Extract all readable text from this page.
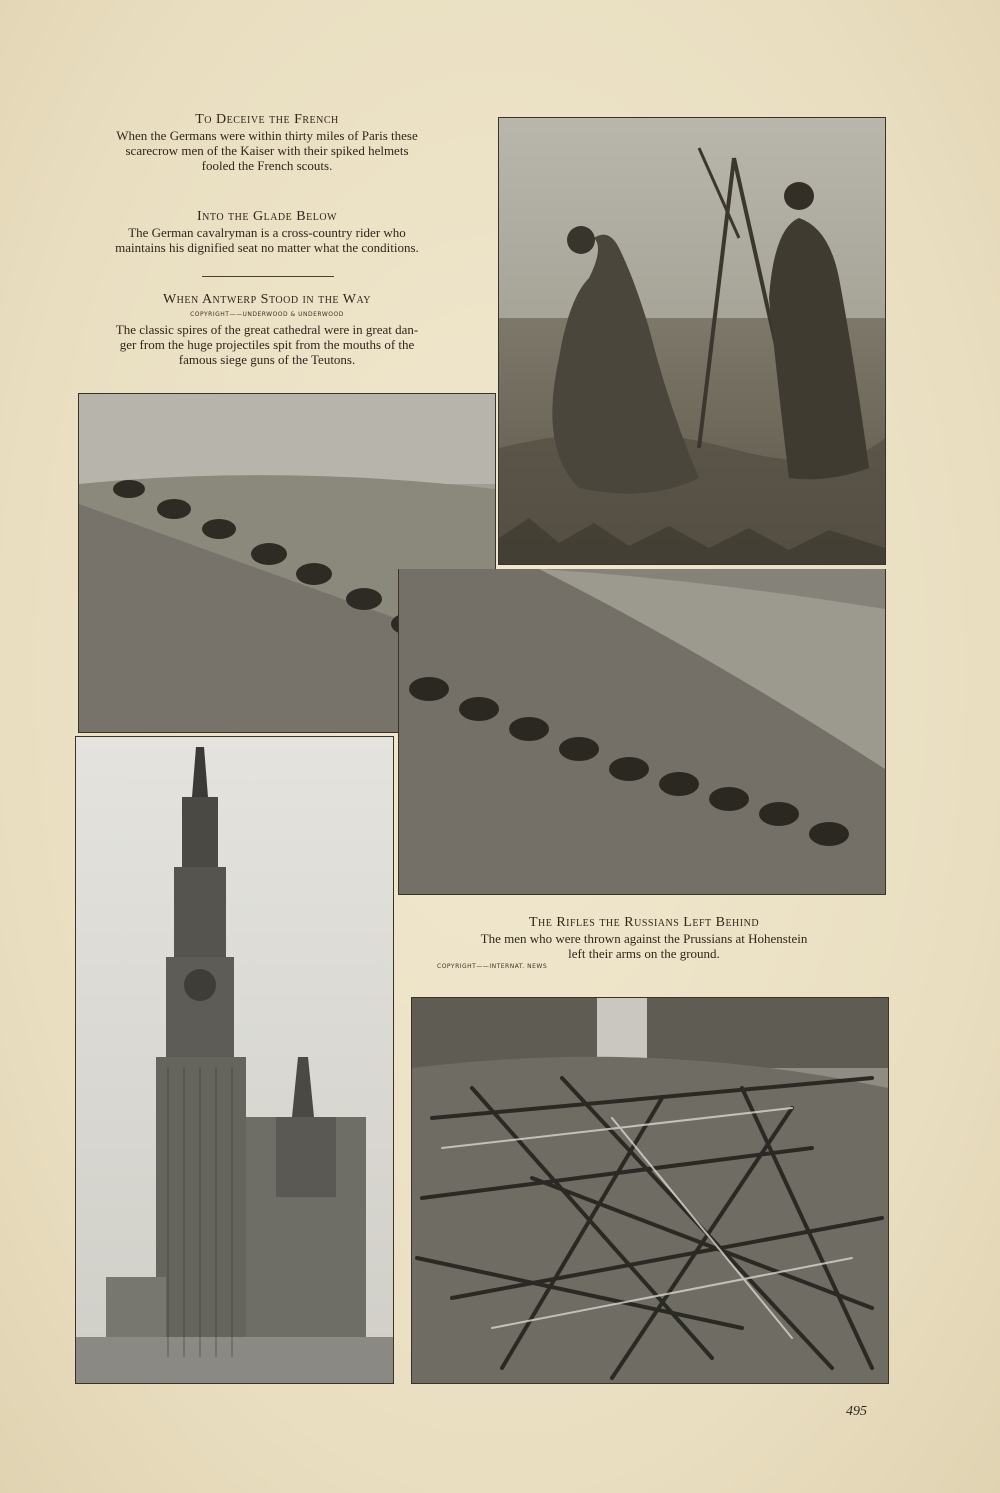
To Deceive the French
When the Germans were within thirty miles of Paris these
scarecrow men of the Kaiser with their spiked helmets
fooled the French scouts.
Into the Glade Below
The German cavalryman is a cross-country rider who
maintains his dignified seat no matter what the conditions.
When Antwerp Stood in the Way
COPYRIGHT——UNDERWOOD & UNDERWOOD
The classic spires of the great cathedral were in great dan-
ger from the huge projectiles spit from the mouths of the
famous siege guns of the Teutons.
The Rifles the Russians Left Behind
The men who were thrown against the Prussians at Hohenstein
left their arms on the ground.
COPYRIGHT——INTERNAT. NEWS
495
